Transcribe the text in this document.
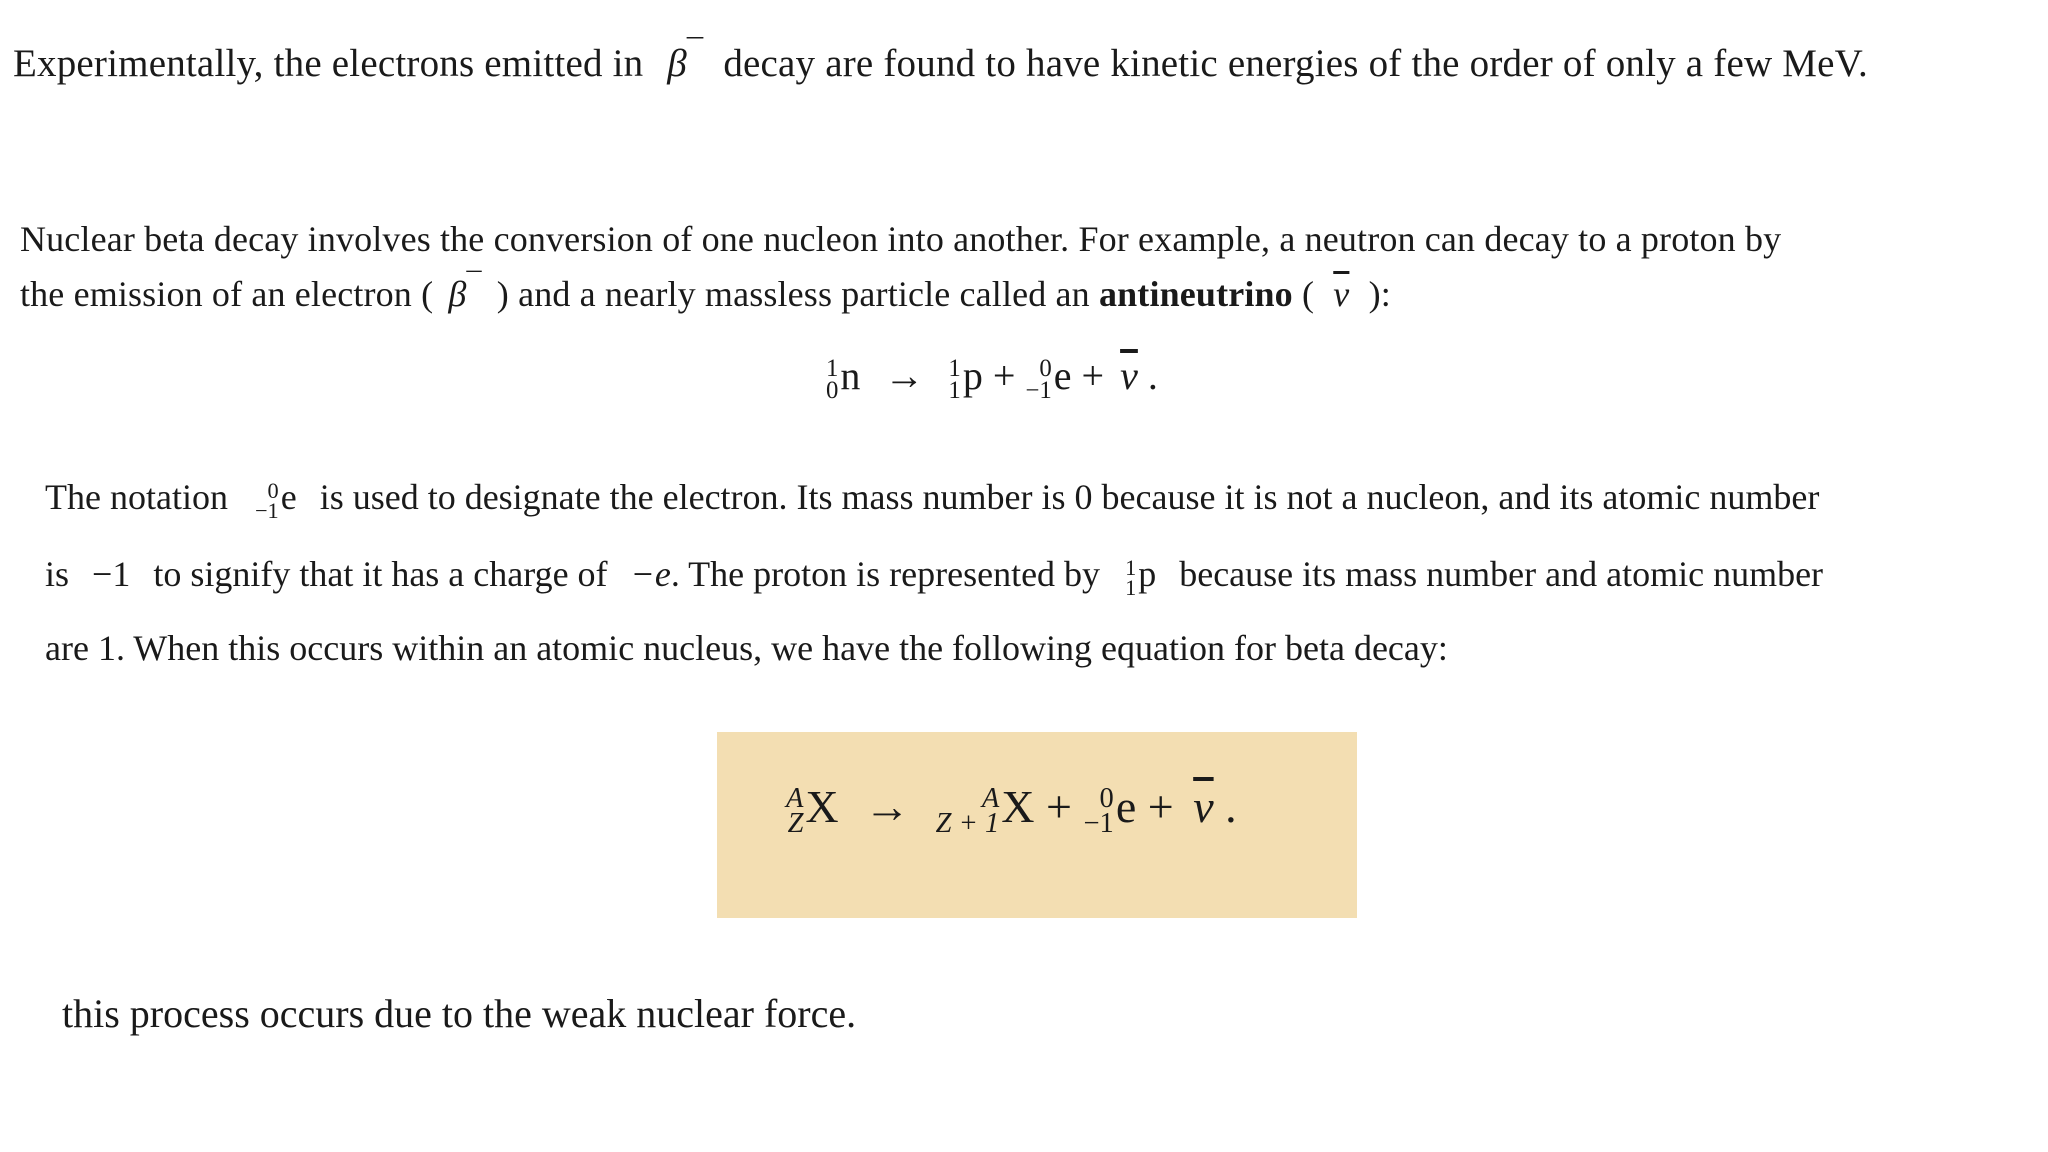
Experimentally, the electrons emitted in β¯ decay are found to have kinetic energies of the order of only a few MeV.
Nuclear beta decay involves the conversion of one nucleon into another. For example, a neutron can decay to a proton by
the emission of an electron ( β¯ ) and a nearly massless particle called an antineutrino ( $\overline{\nu}$ ):
1
0 n → 1
1 p + 0
−1 $e + \overline{\nu}$ .
The notation 0
−1 e is used to designate the electron. Its mass number is 0 because it is not a nucleon, and its atomic number
is −1 to signify that it has a charge of −e. The proton is represented by 1
1 p because its mass number and atomic number
are 1. When this occurs within an atomic nucleus, we have the following equation for beta decay:
A
Z X →	A
Z + 1 X + 0
−1 $e + \overline{\nu}$ .
this process occurs due to the weak nuclear force.
